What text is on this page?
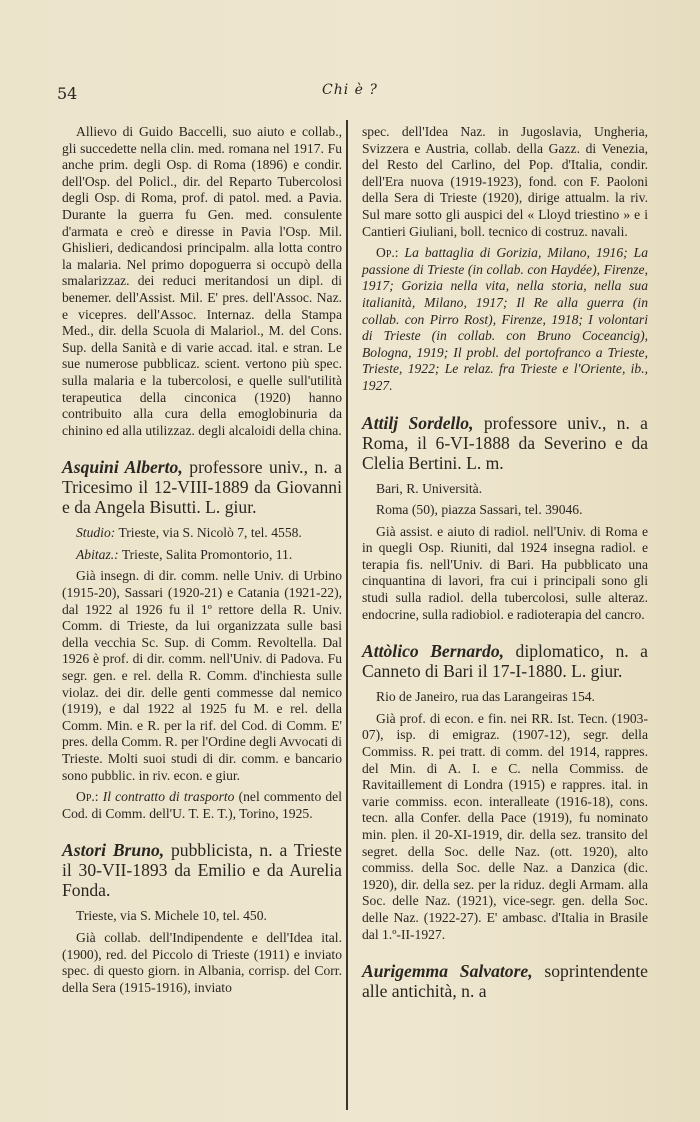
54	Chi è ?

Allievo di Guido Baccelli, suo aiuto e collab., gli succedette nella clin. med. romana nel 1917. Fu anche prim. degli Osp. di Roma (1896) e condir. dell'Osp. del Policl., dir. del Reparto Tubercolosi degli Osp. di Roma, prof. di patol. med. a Pavia. Durante la guerra fu Gen. med. consulente d'armata e creò e diresse in Pavia l'Osp. Mil. Ghislieri, dedicandosi principalm. alla lotta contro la malaria. Nel primo dopoguerra si occupò della smalarizzaz. dei reduci meritandosi un dipl. di benemer. dell'Assist. Mil. E' pres. dell'Assoc. Naz. e vicepres. dell'Assoc. Internaz. della Stampa Med., dir. della Scuola di Malariol., M. del Cons. Sup. della Sanità e di varie accad. ital. e stran. Le sue numerose pubblicaz. scient. vertono più spec. sulla malaria e la tubercolosi, e quelle sull'utilità terapeutica della cinconica (1920) hanno contribuito alla cura della emoglobinuria da chinino ed alla utilizzaz. degli alcaloidi della china.

Asquini Alberto, professore univ., n. a Tricesimo il 12-VIII-1889 da Giovanni e da Angela Bisutti. L. giur.

Studio: Trieste, via S. Nicolò 7, tel. 4558.

Abitaz.: Trieste, Salita Promontorio, 11.

Già insegn. di dir. comm. nelle Univ. di Urbino (1915-20), Sassari (1920-21) e Catania (1921-22), dal 1922 al 1926 fu il 1º rettore della R. Univ. Comm. di Trieste, da lui organizzata sulle basi della vecchia Sc. Sup. di Comm. Revoltella. Dal 1926 è prof. di dir. comm. nell'Univ. di Padova. Fu segr. gen. e rel. della R. Comm. d'inchiesta sulle violaz. dei dir. delle genti commesse dal nemico (1919), e dal 1922 al 1925 fu M. e rel. della Comm. Min. e R. per la rif. del Cod. di Comm. E' pres. della Comm. R. per l'Ordine degli Avvocati di Trieste. Molti suoi studi di dir. comm. e bancario sono pubblic. in riv. econ. e giur.

Op.: Il contratto di trasporto (nel commento del Cod. di Comm. dell'U. T. E. T.), Torino, 1925.

Astori Bruno, pubblicista, n. a Trieste il 30-VII-1893 da Emilio e da Aurelia Fonda.

Trieste, via S. Michele 10, tel. 450.

Già collab. dell'Indipendente e dell'Idea ital. (1900), red. del Piccolo di Trieste (1911) e inviato spec. di questo giorn. in Albania, corrisp. del Corr. della Sera (1915-1916), inviato

spec. dell'Idea Naz. in Jugoslavia, Ungheria, Svizzera e Austria, collab. della Gazz. di Venezia, del Resto del Carlino, del Pop. d'Italia, condir. dell'Era nuova (1919-1923), fond. con F. Paoloni della Sera di Trieste (1920), dirige attualm. la riv. Sul mare sotto gli auspici del « Lloyd triestino » e i Cantieri Giuliani, boll. tecnico di costruz. navali.

Op.: La battaglia di Gorizia, Milano, 1916; La passione di Trieste (in collab. con Haydée), Firenze, 1917; Gorizia nella vita, nella storia, nella sua italianità, Milano, 1917; Il Re alla guerra (in collab. con Pirro Rost), Firenze, 1918; I volontari di Trieste (in collab. con Bruno Coceancig), Bologna, 1919; Il probl. del portofranco a Trieste, Trieste, 1922; Le relaz. fra Trieste e l'Oriente, ib., 1927.

Attilj Sordello, professore univ., n. a Roma, il 6-VI-1888 da Severino e da Clelia Bertini. L. m.

Bari, R. Università.

Roma (50), piazza Sassari, tel. 39046.

Già assist. e aiuto di radiol. nell'Univ. di Roma e in quegli Osp. Riuniti, dal 1924 insegna radiol. e terapia fis. nell'Univ. di Bari. Ha pubblicato una cinquantina di lavori, fra cui i principali sono gli studi sulla radiol. della tubercolosi, sulle alteraz. endocrine, sulla radiobiol. e radioterapia del cancro.

Attòlico Bernardo, diplomatico, n. a Canneto di Bari il 17-I-1880. L. giur.

Rio de Janeiro, rua das Larangeiras 154.

Già prof. di econ. e fin. nei RR. Ist. Tecn. (1903-07), isp. di emigraz. (1907-12), segr. della Commiss. R. pei tratt. di comm. del 1914, rappres. del Min. di A. I. e C. nella Commiss. de Ravitaillement di Londra (1915) e rappres. ital. in varie commiss. econ. interalleate (1916-18), cons. tecn. alla Confer. della Pace (1919), fu nominato min. plen. il 20-XI-1919, dir. della sez. transito del segret. della Soc. delle Naz. (ott. 1920), alto commiss. della Soc. delle Naz. a Danzica (dic. 1920), dir. della sez. per la riduz. degli Armam. alla Soc. delle Naz. (1921), vice-segr. gen. della Soc. delle Naz. (1922-27). E' ambasc. d'Italia in Brasile dal 1.º-II-1927.

Aurigemma Salvatore, soprintendente alle antichità, n. a
